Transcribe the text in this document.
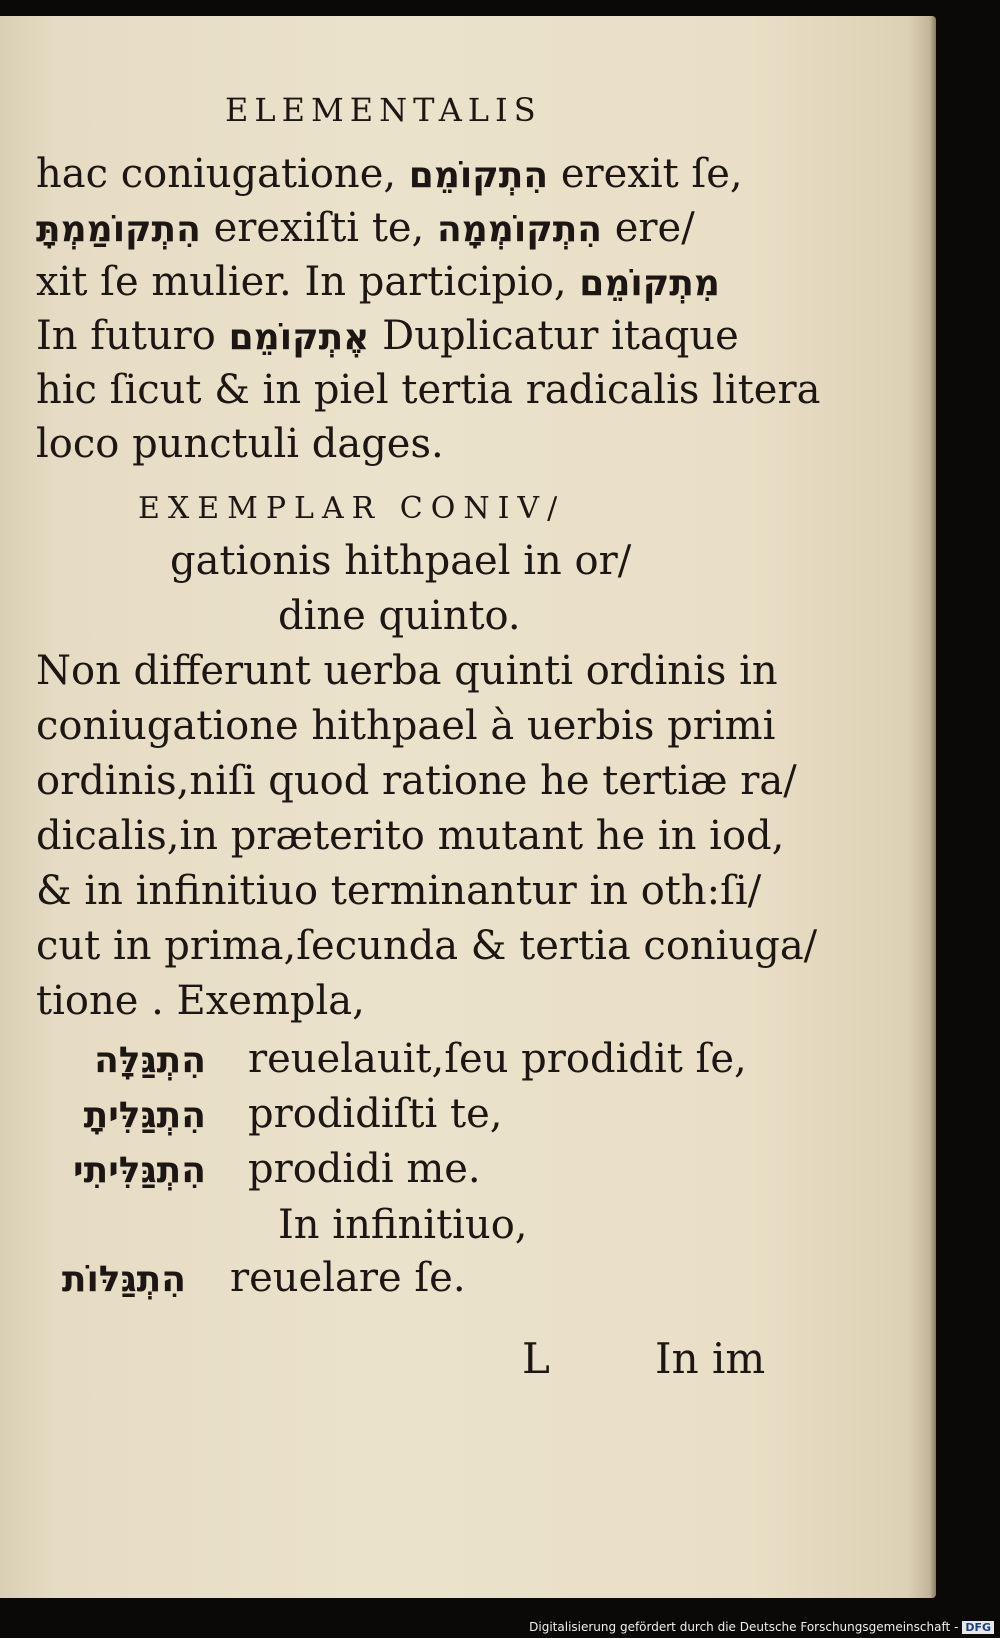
ELEMENTALIS
hac coniugatione, הִתְקוֹמֵם erexit ſe,
הִתְקוֹמַמְתָּ erexiſti te, הִתְקוֹמְמָה ere/
xit ſe mulier. In participio, מִתְקוֹמֵם
In futuro אֶתְקוֹמֵם Duplicatur itaque
hic ſicut & in piel tertia radicalis litera
loco punctuli dages.
EXEMPLAR CONIV/
gationis hithpael in or/
dine quinto.
Non differunt uerba quinti ordinis in
coniugatione hithpael à uerbis primi
ordinis,niſi quod ratione he tertiæ ra/
dicalis,in præterito mutant he in iod,
& in infinitiuo terminantur in oth:ſi/
cut in prima,ſecunda & tertia coniuga/
tione . Exempla,
הִתְגַּלָּה reuelauit,ſeu prodidit ſe,
הִתְגַּלִּיתָ prodidiſti te,
הִתְגַּלִּיתִי prodidi me.
In infinitiuo,
הִתְגַּלּוֹת reuelare ſe.
L	In im
Digitalisierung gefördert durch die Deutsche Forschungsgemeinschaft - DFG
